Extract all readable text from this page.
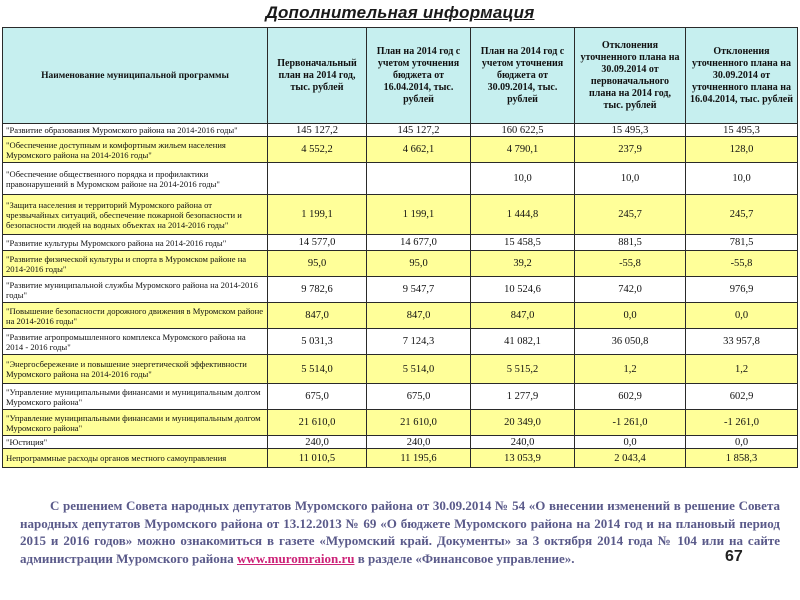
Дополнительная информация
Наименование муниципальной программы	Первоначальный план на 2014 год, тыс. рублей	План на 2014 год с учетом уточнения бюджета от 16.04.2014, тыс. рублей	План на 2014 год с учетом уточнения бюджета от 30.09.2014, тыс. рублей	Отклонения уточненного плана на 30.09.2014 от первоначального плана на 2014 год, тыс. рублей	Отклонения уточненного плана на 30.09.2014 от уточненного плана на 16.04.2014, тыс. рублей
"Развитие образования Муромского района на 2014-2016 годы"	145 127,2	145 127,2	160 622,5	15 495,3	15 495,3
"Обеспечение доступным и комфортным жильем населения Муромского района на 2014-2016 годы"	4 552,2	4 662,1	4 790,1	237,9	128,0
"Обеспечение общественного порядка и профилактики правонарушений в Муромском районе на 2014-2016 годы"			10,0	10,0	10,0
"Защита населения и территорий Муромского района от чрезвычайных ситуаций, обеспечение пожарной безопасности и безопасности людей на водных объектах на 2014-2016 годы"	1 199,1	1 199,1	1 444,8	245,7	245,7
"Развитие культуры Муромского района на 2014-2016 годы"	14 577,0	14 677,0	15 458,5	881,5	781,5
"Развитие физической культуры и спорта в Муромском районе на 2014-2016 годы"	95,0	95,0	39,2	-55,8	-55,8
"Развитие муниципальной службы Муромского района на 2014-2016 годы"	9 782,6	9 547,7	10 524,6	742,0	976,9
"Повышение безопасности дорожного движения в Муромском районе на 2014-2016 годы"	847,0	847,0	847,0	0,0	0,0
"Развитие агропромышленного комплекса Муромского района на 2014 - 2016 годы"	5 031,3	7 124,3	41 082,1	36 050,8	33 957,8
"Энергосбережение и повышение энергетической эффективности Муромского района на 2014-2016 годы"	5 514,0	5 514,0	5 515,2	1,2	1,2
"Управление муниципальными финансами и муниципальным долгом Муромского района"	675,0	675,0	1 277,9	602,9	602,9
"Управление муниципальными финансами и муниципальным долгом Муромского района"	21 610,0	21 610,0	20 349,0	-1 261,0	-1 261,0
"Юстиция"	240,0	240,0	240,0	0,0	0,0
Непрограммные расходы органов местного самоуправления	11 010,5	11 195,6	13 053,9	2 043,4	1 858,3
С решением Совета народных депутатов Муромского района от 30.09.2014 № 54 «О внесении изменений в решение Совета народных депутатов Муромского района от 13.12.2013 № 69 «О бюджете Муромского района на 2014 год и на плановый период 2015 и 2016 годов» можно ознакомиться в газете «Муромский край. Документы» за 3 октября 2014 года № 104 или на сайте администрации Муромского района www.muromraion.ru в разделе «Финансовое управление».	67
